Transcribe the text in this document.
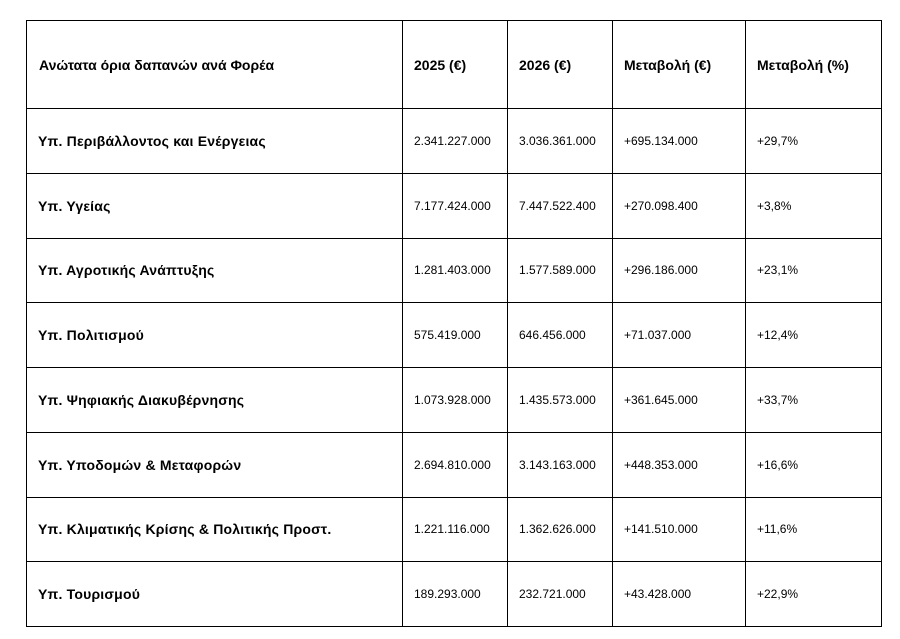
Ανώτατα όρια δαπανών ανά Φορέα	2025 (€)	2026 (€)	Μεταβολή (€)	Μεταβολή (%)
Υπ. Περιβάλλοντος και Ενέργειας	2.341.227.000	3.036.361.000	+695.134.000	+29,7%
Υπ. Υγείας	7.177.424.000	7.447.522.400	+270.098.400	+3,8%
Υπ. Αγροτικής Ανάπτυξης	1.281.403.000	1.577.589.000	+296.186.000	+23,1%
Υπ. Πολιτισμού	575.419.000	646.456.000	+71.037.000	+12,4%
Υπ. Ψηφιακής Διακυβέρνησης	1.073.928.000	1.435.573.000	+361.645.000	+33,7%
Υπ. Υποδομών & Μεταφορών	2.694.810.000	3.143.163.000	+448.353.000	+16,6%
Υπ. Κλιματικής Κρίσης & Πολιτικής Προστ.	1.221.116.000	1.362.626.000	+141.510.000	+11,6%
Υπ. Τουρισμού	189.293.000	232.721.000	+43.428.000	+22,9%
